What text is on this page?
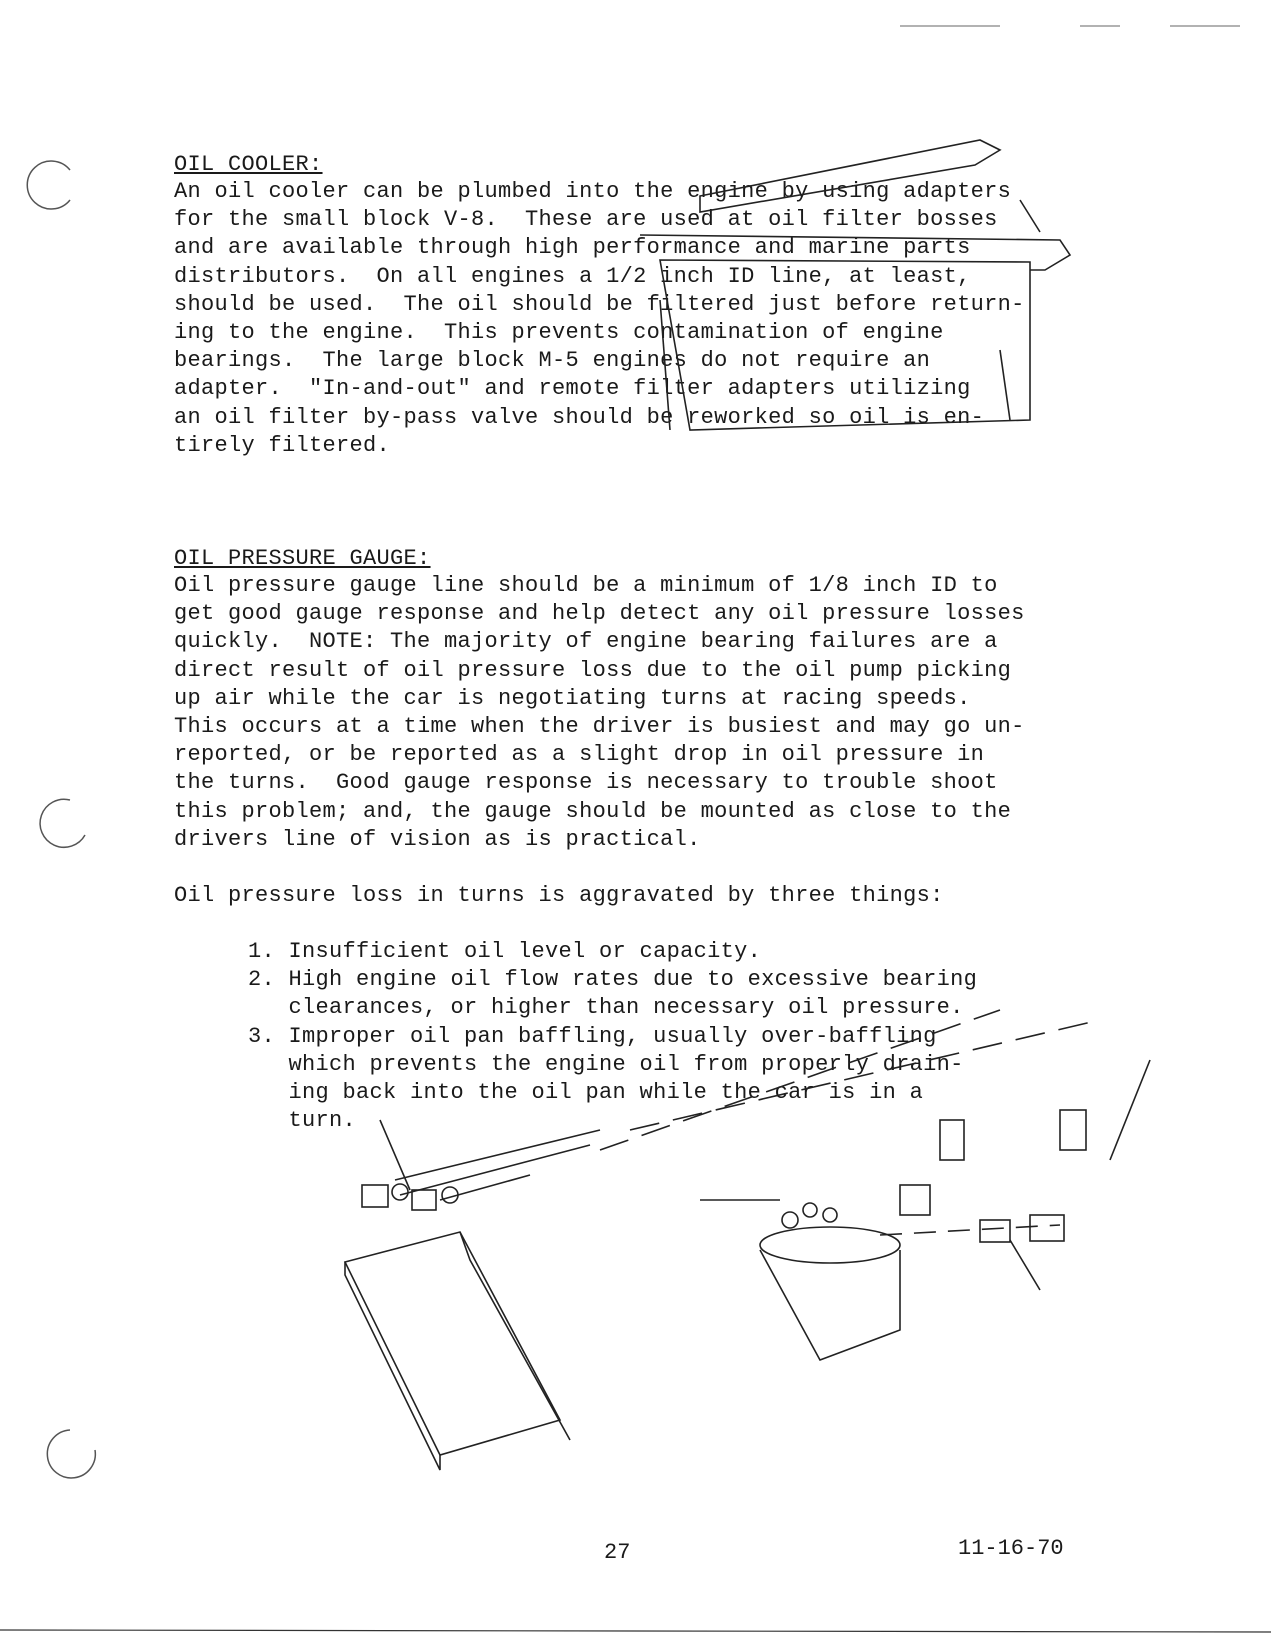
OIL COOLER:
An oil cooler can be plumbed into the engine by using adapters
for the small block V-8.  These are used at oil filter bosses
and are available through high performance and marine parts
distributors.  On all engines a 1/2 inch ID line, at least,
should be used.  The oil should be filtered just before return-
ing to the engine.  This prevents contamination of engine
bearings.  The large block M-5 engines do not require an
adapter.  "In-and-out" and remote filter adapters utilizing
an oil filter by-pass valve should be reworked so oil is en-
tirely filtered.
OIL PRESSURE GAUGE:
Oil pressure gauge line should be a minimum of 1/8 inch ID to
get good gauge response and help detect any oil pressure losses
quickly.  NOTE: The majority of engine bearing failures are a
direct result of oil pressure loss due to the oil pump picking
up air while the car is negotiating turns at racing speeds.
This occurs at a time when the driver is busiest and may go un-
reported, or be reported as a slight drop in oil pressure in
the turns.  Good gauge response is necessary to trouble shoot
this problem; and, the gauge should be mounted as close to the
drivers line of vision as is practical.
Oil pressure loss in turns is aggravated by three things:
1. Insufficient oil level or capacity.
2. High engine oil flow rates due to excessive bearing
clearances, or higher than necessary oil pressure.
3. Improper oil pan baffling, usually over-baffling
which prevents the engine oil from properly drain-
ing back into the oil pan while the car is in a
turn.
27	11-16-70
